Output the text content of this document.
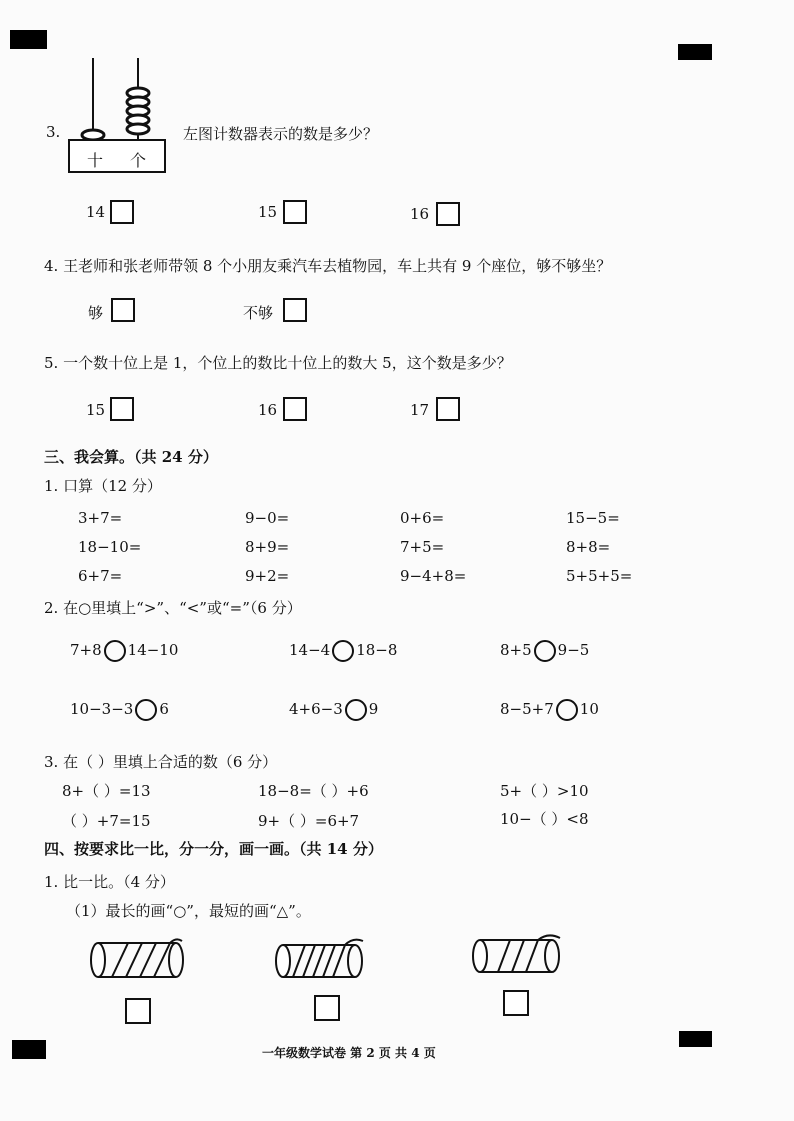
3.
十 个
左图计数器表示的数是多少？
14	15	16
4. 王老师和张老师带领 8 个小朋友乘汽车去植物园，车上共有 9 个座位，够不够坐？
够	不够
5. 一个数十位上是 1，个位上的数比十位上的数大 5，这个数是多少？
15	16	17
三、我会算。（共 24 分）
1. 口算（12 分）
3+7=	9−0=	0+6=	15−5=
18−10=	8+9=	7+5=	8+8=
6+7=	9+2=	9−4+8=	5+5+5=
2. 在○里填上“>”、“<”或“=”（6 分）
7+8 14−10	14−4 18−8	8+5 9−5
10−3−3 6	4+6−3 9	8−5+7 10
3. 在（ ）里填上合适的数（6 分）
8+（ ）=13	18−8=（ ）+6	5+（ ）>10
（ ）+7=15	9+（ ）=6+7	10−（ ）<8
四、按要求比一比，分一分，画一画。（共 14 分）
1. 比一比。（4 分）
（1）最长的画“○”，最短的画“△”。
一年级数学试卷 第 2 页 共 4 页
